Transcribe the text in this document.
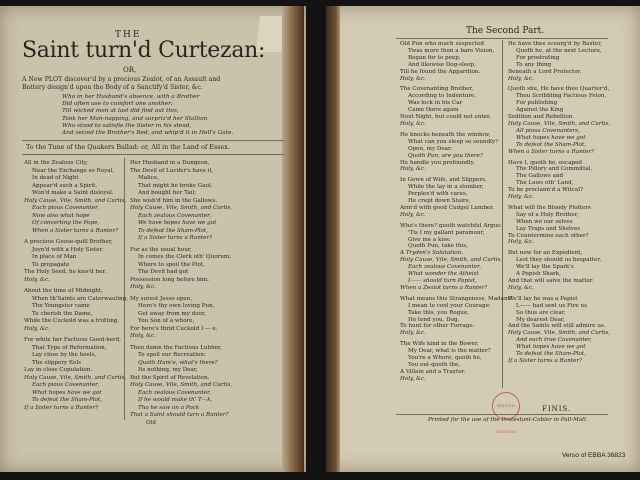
THE
Saint turn'd Curtezan:
OR,
A New PLOT discover'd by a precious Zealot, of an Assault and
Battery design'd upon the Body of a Sanctify'd Sister, &c.
Who in her Husband's absence, with a Brother
Did often use to comfort one another;
Till wicked men at last did find out this,
Took her Man-napping, and surpriz'd her Stallion
Who stood to satisfie the Sister in his stead,
And seized the Brother's Bed, and whip'd it in Hell's Gate.
To the Tune of the Quakers Ballad: or, All in the Land of Essex.
All in the Zealous City,
Near the Exchange so Royal,
In dead of Night
Appear'd such a Spirit,
Won'd make a Saint disloyal.
Holy Cause, Vile, Smith, and Curtis,
Each pious Covenanter,
Now also what hope
Of converting the Pope,
When a Sister turns a Ranter?
A precious Goose-quill Brother,
Joyn'd with a Holy Sister,
In place of Man
To propagate
The Holy Seed, he kiss'd her.
Holy, &c.
About the time of Midnight,
When th'Saints are Caterwauling,
The Youngster came
To cherish the Dame,
While the Cuckold was a trotting.
Holy, &c.
For while her Factious Good-herd,
That Type of Reformation,
Lay close by the heels,
The slippery Eels
Lay in close Copulation.
Holy Cause, Vile, Smith, and Curtis,
Each pious Covenanter,
What hopes have we got
To defeat the Sham-Plot,
If a Sister turns a Ranter?
Her Husband in a Dungeon,
The Devil of Lucifer's have it,
Malice,
That might he broke Gaol,
And bought her Tail;
She wish'd him in the Gallows.
Holy Cause, Vile, Smith, and Curtis,
Each zealous Covenanter,
We have hopes have we got
To defeat the Sham-Plot,
If a Sister turns a Ranter?
For as the usual hour,
In comes the Clerk oth' Quorum:
Where to spoil the Plot,
The Devil had got
Possession long before him.
Holy, &c.
My surest Jesso open,
Here's thy own loving Pun,
Get away from my door,
You Son of a whore,
For here's thrid Cuckold I — e.
Holy, &c.
Then damn the Factious Lubber,
To spoil our Recreation:
Quoth Hum'e, what's there?
Its nothing, my Dear,
But the Spirit of Revelation.
Holy Cause, Vile, Smith, and Curtis,
Each zealous Covenanter,
If he would make th' T—k,
Tho he saw on a Pock
That a Saint should turn a Ranter?
Old
The Second Part.
Old Pun who much suspected
Twas more then a bare Vision,
Began for to peep,
And likewise Dog-sleep,
Till he found the Apparition.
Holy, &c.
The Covenanting Brother,
According to Indenture,
Was lock in his Car
Came there again
Next Night, but could not enter.
Holy, &c.
He knocks beneath the window,
What can you sleep so soundly?
Open, my Dear:
Quoth Pun, are you there?
He handle you profoundly.
Holy, &c.
In Gown of Wife, and Slippers,
While the lay in a slumber,
Perplex'd with cares,
He crept down Stairs,
Arm'd with good Cudgel Lumber.
Holy, &c.
Who's there? quoth watchful Argus:
'Tis I my gallant paramour,
Give me a kiss:
Quoth Pun, take this,
A Tryden's Salutation.
Holy Cause, Vile, Smith, and Curtis,
Each zealous Covenanter,
What wonder the Atheist
I—— should turn Papist,
When a Zealot turns a Ranter?
What means this Strangeness, Madam?
I mean to cool your Courage:
Take this, you Rogue,
He tend you, Dog,
To hunt for other Forrage.
Holy, &c.
The Wife kind in the Bower,
My Dear, what is the matter?
You're a Whore, quoth he,
You out-quoth the,
A Villain and a Traytor.
Holy, &c.
He have thee scourg'd by Baxter,
Quoth he, at the next Lecture,
For prostrating
To any thing
Beneath a Lord Protector.
Holy, &c.
Quoth she, He have thee Quarter'd,
Thou Scribbling Factious Felon,
For publishing
Against the King
Sedition and Rebellion.
Holy Cause, Vile, Smith, and Curtis,
All pious Covenanters,
What hopes have we got
To defeat the Sham-Plot,
When a Sister turns a Ranter?
Have I, quoth he, escaped
The Pillory and Committal,
The Gallows and
The Laws oth' Land,
To be proclaim'd a Witcal?
Holy, &c.
What will the Bloody Plotters
Say of a Holy Brother,
When we our selves
Lay Traps and Shelves
To Countermine each other?
Holy, &c.
But now for an Expedient,
Lest they should us bespatter,
We'll lay the Spark's
A Popish Shark,
And that will salve the matter.
Holy, &c.
We'll lay he was a Papist
L—— had sent us Fire us
So thus are clear,
My dearest Dear,
And the Saints will still admire us.
Holy Cause, Vile, Smith, and Curtis,
And each true Covenanter,
What hopes have we got
To defeat the Sham-Plot,
If a Sister turns a Ranter?
FINIS.
Printed for the use of the Protestant-Cobler in Pall-Mall.
BRITISH MUSEUM
Verso of EBBA 36823
